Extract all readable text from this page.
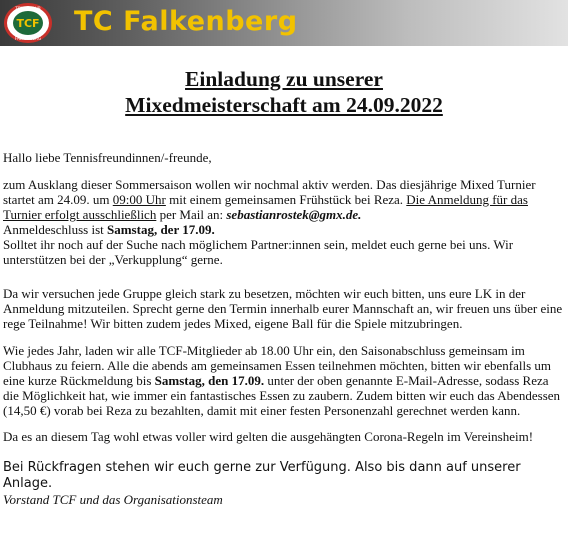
TCF
TENNISCLUB
FALKENBERG
TC Falkenberg
Einladung zu unserer
Mixedmeisterschaft am 24.09.2022

Hallo liebe Tennisfreundinnen/-freunde,

zum Ausklang dieser Sommersaison wollen wir nochmal aktiv werden. Das diesjährige Mixed Turnier startet am 24.09. um 09:00 Uhr mit einem gemeinsamen Frühstück bei Reza. Die Anmeldung für das Turnier erfolgt ausschließlich per Mail an: sebastianrostek@gmx.de.
Anmeldeschluss ist Samstag, der 17.09.
Solltet ihr noch auf der Suche nach möglichem Partner:innen sein, meldet euch gerne bei uns. Wir unterstützen bei der „Verkupplung“ gerne.

Da wir versuchen jede Gruppe gleich stark zu besetzen, möchten wir euch bitten, uns eure LK in der Anmeldung mitzuteilen. Sprecht gerne den Termin innerhalb eurer Mannschaft an, wir freuen uns über eine rege Teilnahme! Wir bitten zudem jedes Mixed, eigene Ball für die Spiele mitzubringen.

Wie jedes Jahr, laden wir alle TCF-Mitglieder ab 18.00 Uhr ein, den Saisonabschluss gemeinsam im Clubhaus zu feiern. Alle die abends am gemeinsamen Essen teilnehmen möchten, bitten wir ebenfalls um eine kurze Rückmeldung bis Samstag, den 17.09. unter der oben genannte E-Mail-Adresse, sodass Reza die Möglichkeit hat, wie immer ein fantastisches Essen zu zaubern. Zudem bitten wir euch das Abendessen (14,50 €) vorab bei Reza zu bezahlten, damit mit einer festen Personenzahl gerechnet werden kann.

Da es an diesem Tag wohl etwas voller wird gelten die ausgehängten Corona-Regeln im Vereinsheim!

Bei Rückfragen stehen wir euch gerne zur Verfügung. Also bis dann auf unserer Anlage.

Vorstand TCF und das Organisationsteam
